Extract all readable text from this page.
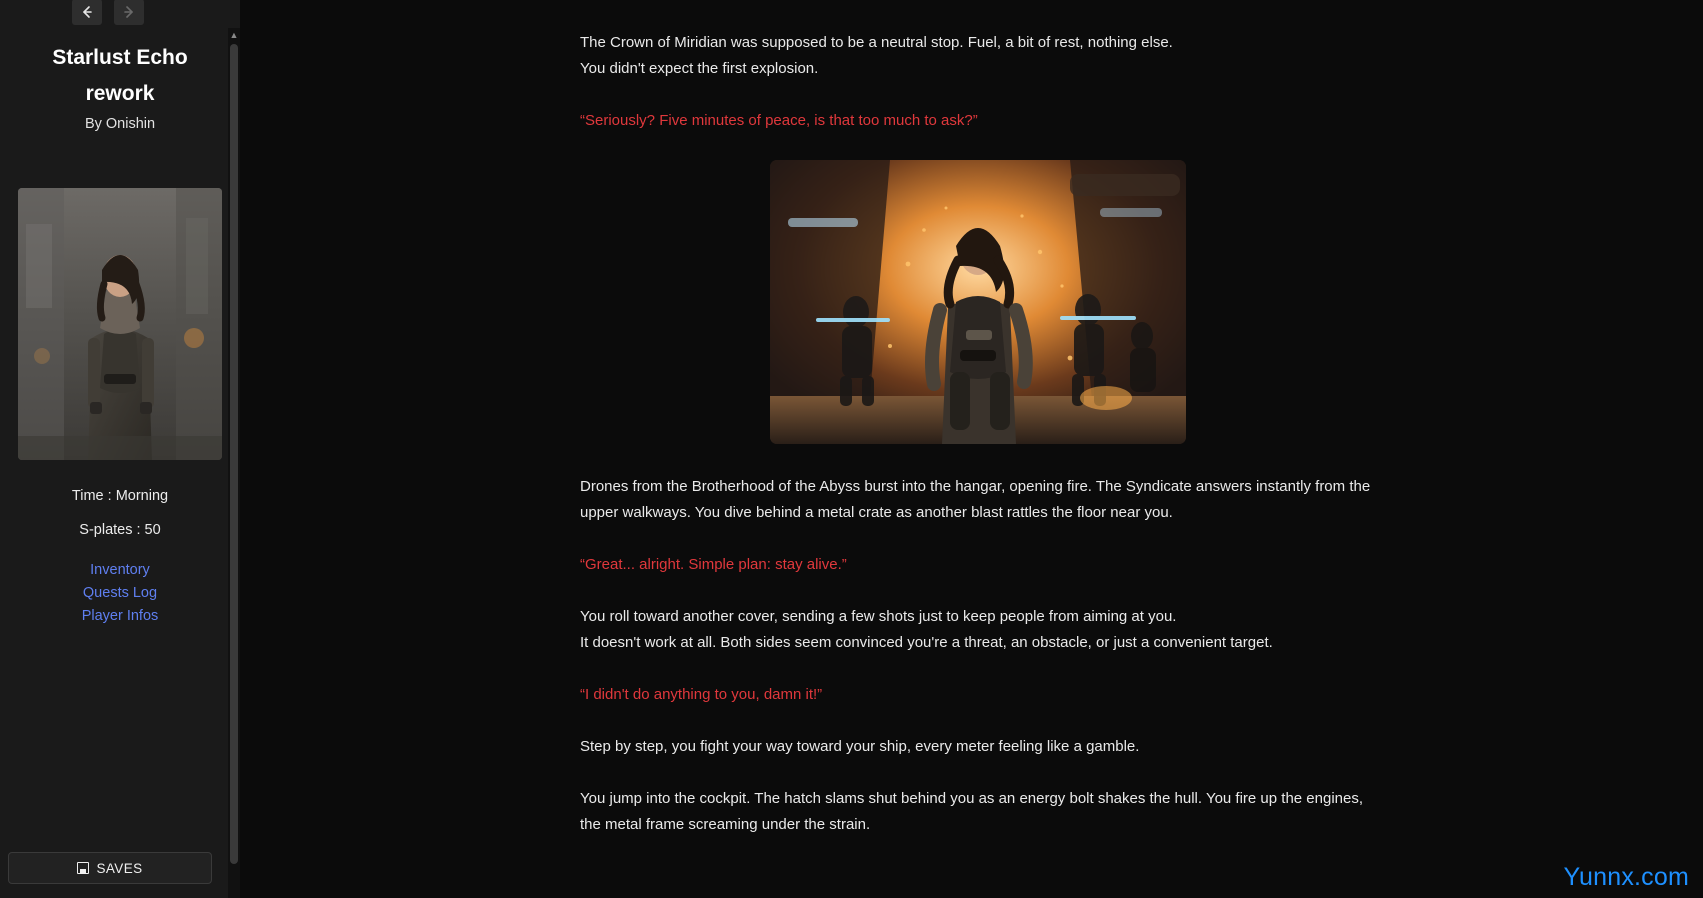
Starlust Echo rework
By Onishin
Time : Morning
S-plates : 50
Inventory
Quests Log
Player Infos
SAVES
▲	The Crown of Miridian was supposed to be a neutral stop. Fuel, a bit of rest, nothing else.
You didn't expect the first explosion.

“Seriously? Five minutes of peace, is that too much to ask?”

Drones from the Brotherhood of the Abyss burst into the hangar, opening fire. The Syndicate answers instantly from the upper walkways. You dive behind a metal crate as another blast rattles the floor near you.

“Great... alright. Simple plan: stay alive.”

You roll toward another cover, sending a few shots just to keep people from aiming at you.
It doesn't work at all. Both sides seem convinced you're a threat, an obstacle, or just a convenient target.

“I didn't do anything to you, damn it!”

Step by step, you fight your way toward your ship, every meter feeling like a gamble.

You jump into the cockpit. The hatch slams shut behind you as an energy bolt shakes the hull. You fire up the engines, the metal frame screaming under the strain.

Yunnx.com
